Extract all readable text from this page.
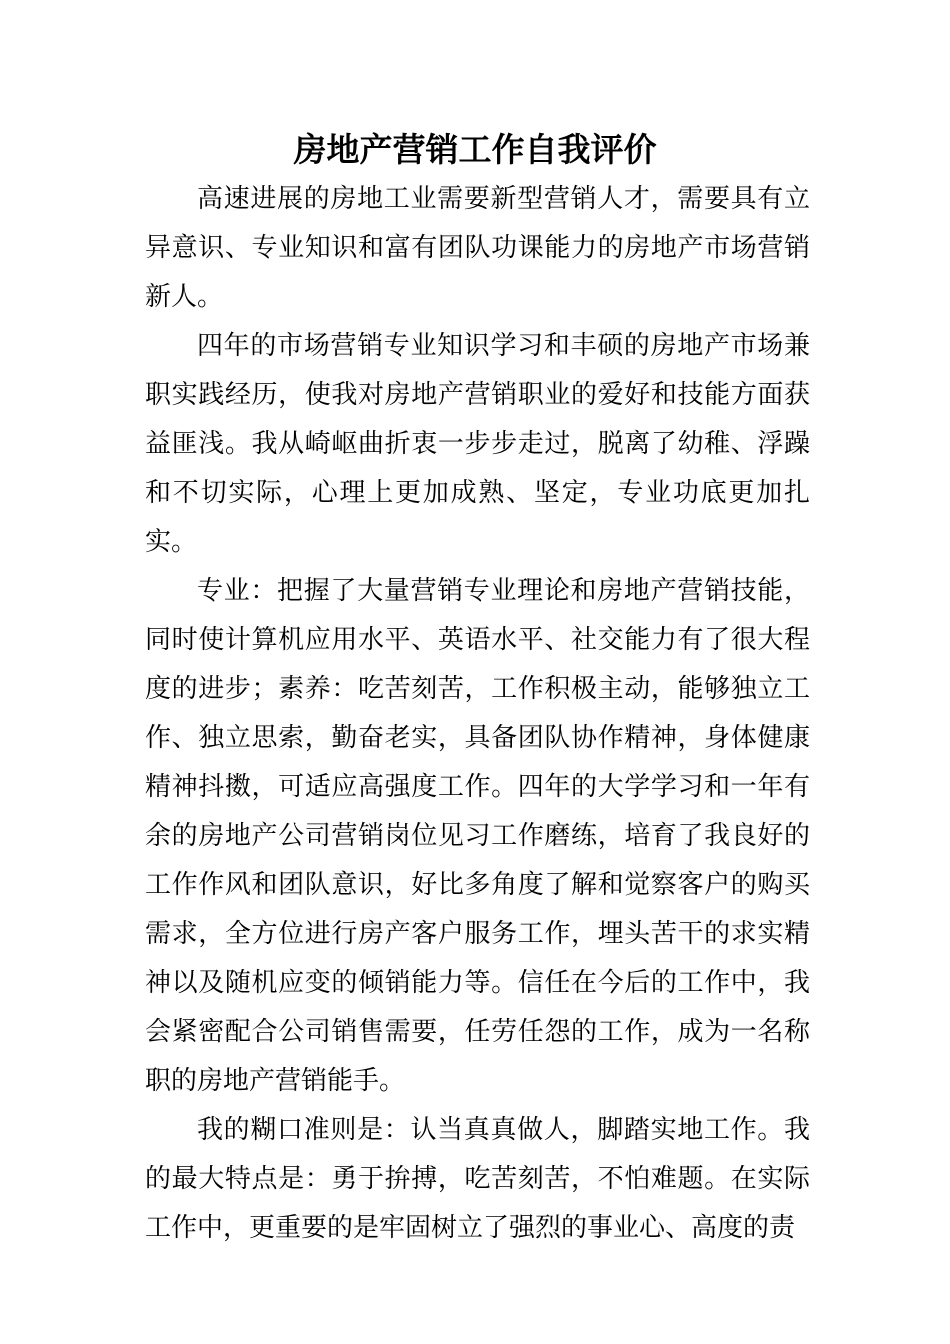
房地产营销工作自我评价

高速进展的房地工业需要新型营销人才，需要具有立异意识、专业知识和富有团队功课能力的房地产市场营销新人。

四年的市场营销专业知识学习和丰硕的房地产市场兼职实践经历，使我对房地产营销职业的爱好和技能方面获益匪浅。我从崎岖曲折衷一步步走过，脱离了幼稚、浮躁和不切实际，心理上更加成熟、坚定，专业功底更加扎实。

专业：把握了大量营销专业理论和房地产营销技能，同时使计算机应用水平、英语水平、社交能力有了很大程度的进步；素养：吃苦刻苦，工作积极主动，能够独立工作、独立思索，勤奋老实，具备团队协作精神，身体健康精神抖擞，可适应高强度工作。四年的大学学习和一年有余的房地产公司营销岗位见习工作磨练，培育了我良好的工作作风和团队意识，好比多角度了解和觉察客户的购买需求，全方位进行房产客户服务工作，埋头苦干的求实精神以及随机应变的倾销能力等。信任在今后的工作中，我会紧密配合公司销售需要，任劳任怨的工作，成为一名称职的房地产营销能手。

我的糊口准则是：认当真真做人，脚踏实地工作。我的最大特点是：勇于拚搏，吃苦刻苦，不怕难题。在实际工作中，更重要的是牢固树立了强烈的事业心、高度的责
